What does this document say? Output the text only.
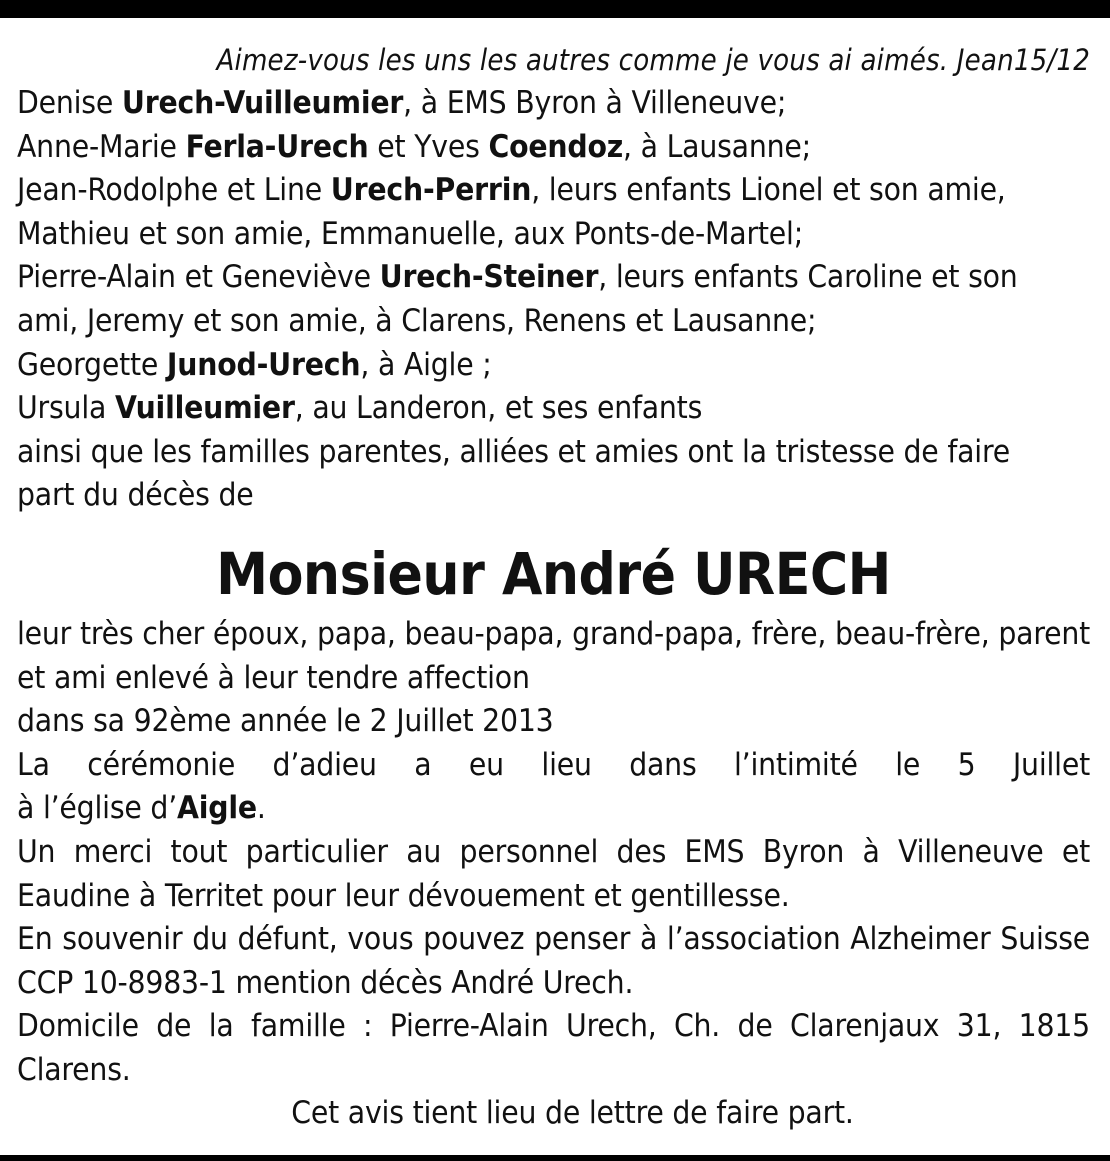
Aimez-vous les uns les autres comme je vous ai aimés. Jean15/12
Denise Urech-Vuilleumier, à EMS Byron à Villeneuve;
Anne-Marie Ferla-Urech et Yves Coendoz, à Lausanne;
Jean-Rodolphe et Line Urech-Perrin, leurs enfants Lionel et son amie,
Mathieu et son amie, Emmanuelle, aux Ponts-de-Martel;
Pierre-Alain et Geneviève Urech-Steiner, leurs enfants Caroline et son
ami, Jeremy et son amie, à Clarens, Renens et Lausanne;
Georgette Junod-Urech, à Aigle ;
Ursula Vuilleumier, au Landeron, et ses enfants
ainsi que les familles parentes, alliées et amies ont la tristesse de faire
part du décès de
Monsieur André URECH
leur très cher époux, papa, beau-papa, grand-papa, frère, beau-frère, parent et ami enlevé à leur tendre affection
dans sa 92ème année le 2 Juillet 2013
La cérémonie d’adieu a eu lieu dans l’intimité le 5 Juillet
à l’église d’Aigle.
Un merci tout particulier au personnel des EMS Byron à Villeneuve et Eaudine à Territet pour leur dévouement et gentillesse.
En souvenir du défunt, vous pouvez penser à l’association Alzheimer Suisse CCP 10-8983-1 mention décès André Urech.
Domicile de la famille : Pierre-Alain Urech, Ch. de Clarenjaux 31, 1815 Clarens.
Cet avis tient lieu de lettre de faire part.
